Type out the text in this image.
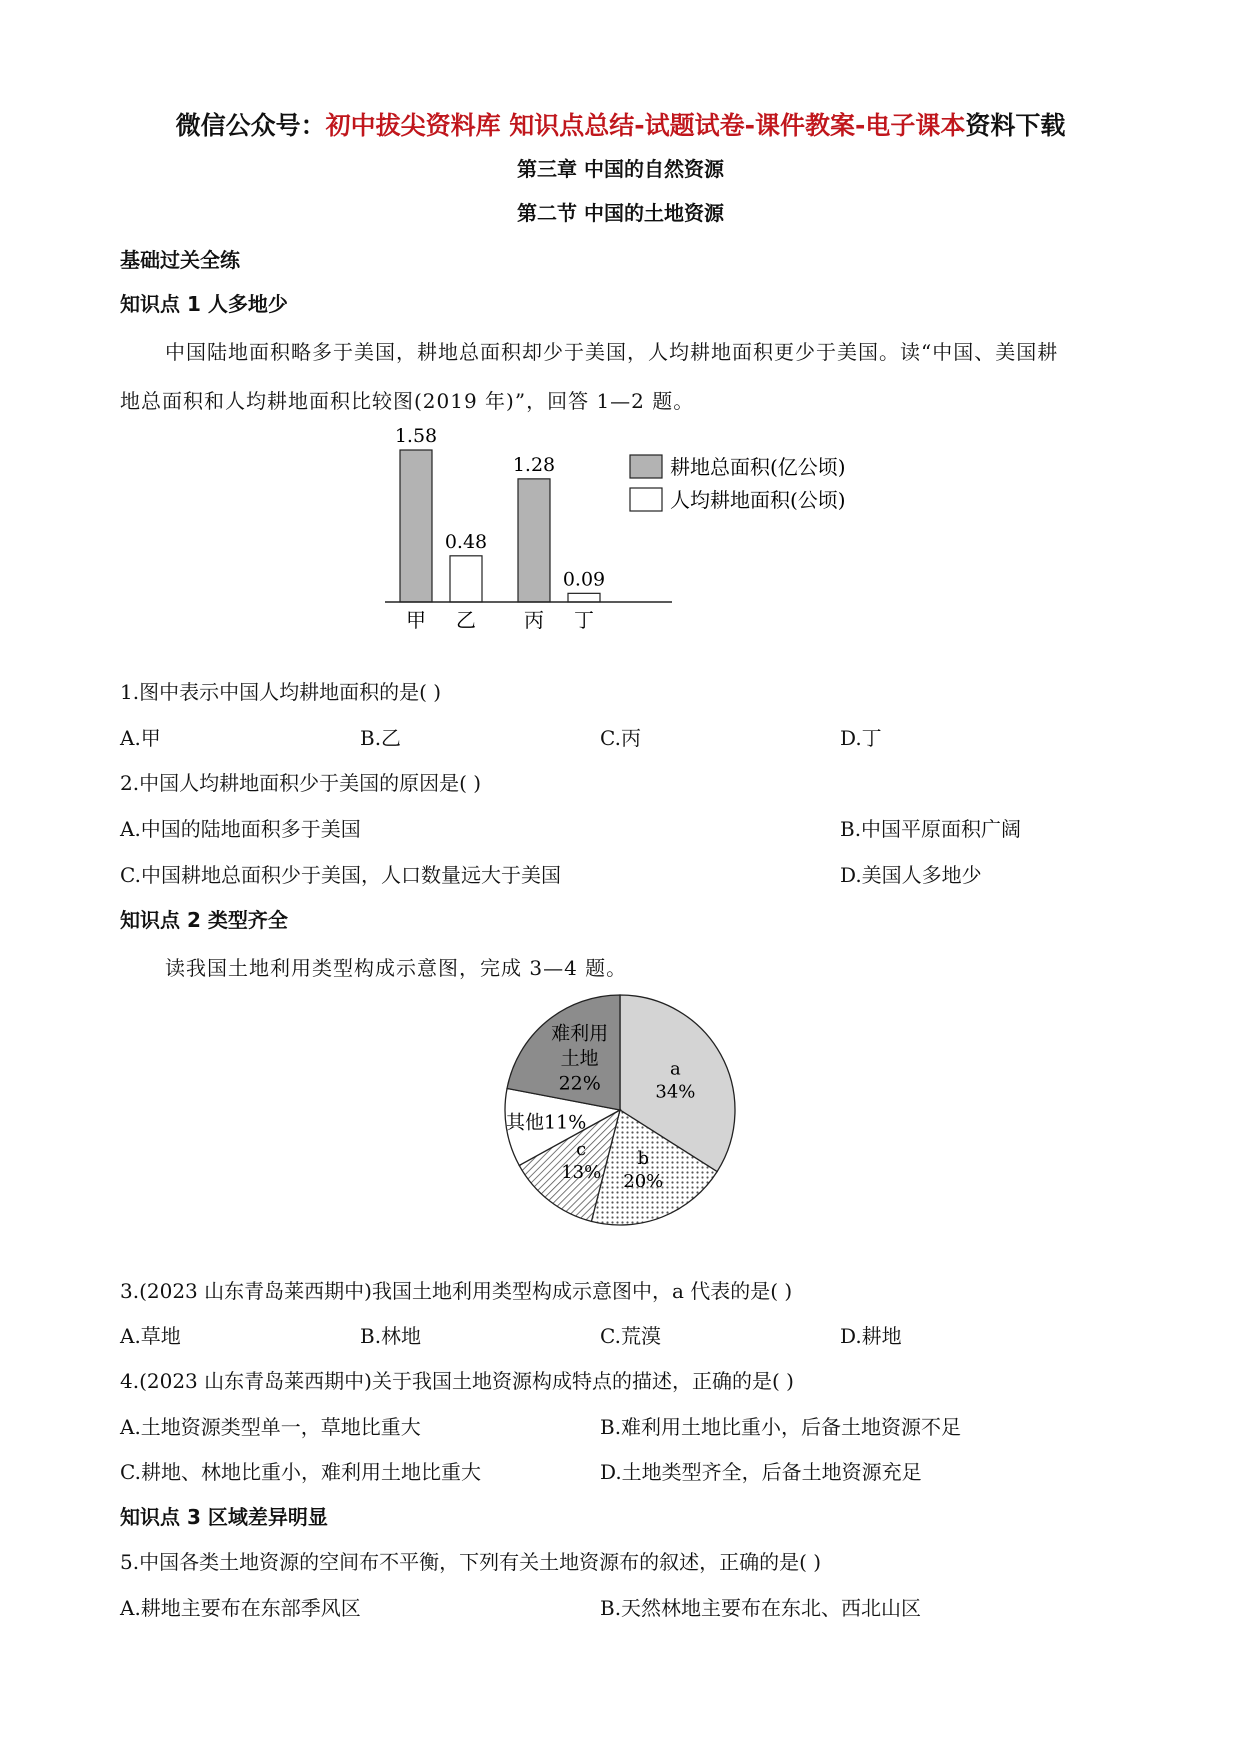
微信公众号：初中拔尖资料库 知识点总结-试题试卷-课件教案-电子课本资料下载
第三章 中国的自然资源
第二节 中国的土地资源
基础过关全练
知识点 1 人多地少
中国陆地面积略多于美国，耕地总面积却少于美国，人均耕地面积更少于美国。读“中国、美国耕
地总面积和人均耕地面积比较图(2019 年)”，回答 1—2 题。
1.58
甲
0.48
乙
1.28
丙
0.09
丁
耕地总面积(亿公顷)
人均耕地面积(公顷)
1.图中表示中国人均耕地面积的是( )
A.甲	B.乙	C.丙	D.丁
2.中国人均耕地面积少于美国的原因是( )
A.中国的陆地面积多于美国	B.中国平原面积广阔
C.中国耕地总面积少于美国，人口数量远大于美国	D.美国人多地少
知识点 2 类型齐全
读我国土地利用类型构成示意图，完成 3—4 题。
a
34%
b
20%
c
13%
其他11%
难利用
土地
22%
3.(2023 山东青岛莱西期中)我国土地利用类型构成示意图中，a 代表的是( )
A.草地	B.林地	C.荒漠	D.耕地
4.(2023 山东青岛莱西期中)关于我国土地资源构成特点的描述，正确的是( )
A.土地资源类型单一，草地比重大	B.难利用土地比重小，后备土地资源不足
C.耕地、林地比重小，难利用土地比重大	D.土地类型齐全，后备土地资源充足
知识点 3 区域差异明显
5.中国各类土地资源的空间布不平衡，下列有关土地资源布的叙述，正确的是( )
A.耕地主要布在东部季风区	B.天然林地主要布在东北、西北山区
